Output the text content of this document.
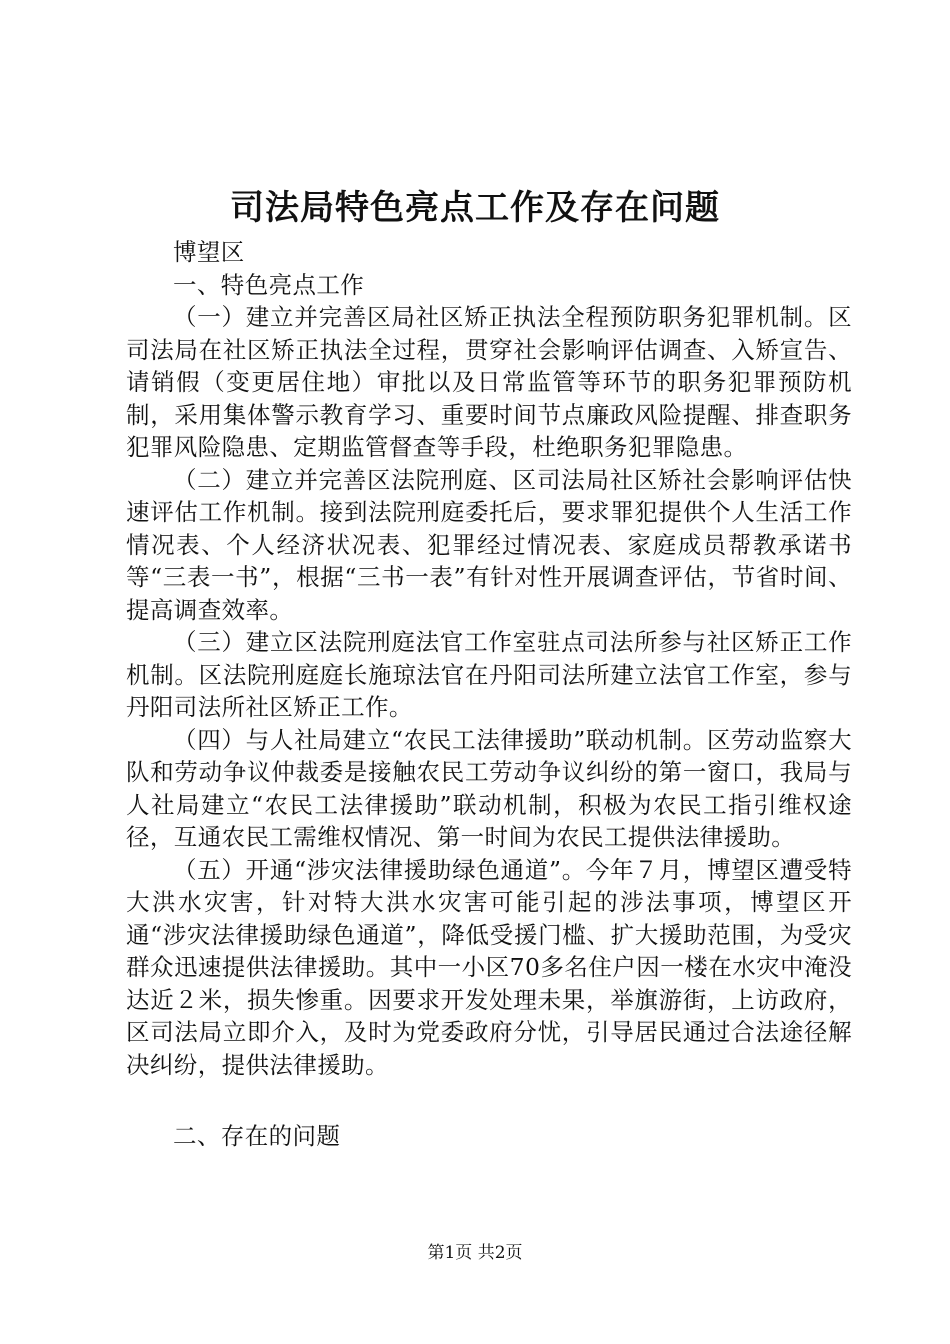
司法局特色亮点工作及存在问题

博望区

一、特色亮点工作

（一）建立并完善区局社区矫正执法全程预防职务犯罪机制。区司法局在社区矫正执法全过程，贯穿社会影响评估调查、入矫宣告、请销假（变更居住地）审批以及日常监管等环节的职务犯罪预防机制，采用集体警示教育学习、重要时间节点廉政风险提醒、排查职务犯罪风险隐患、定期监管督查等手段，杜绝职务犯罪隐患。

（二）建立并完善区法院刑庭、区司法局社区矫社会影响评估快速评估工作机制。接到法院刑庭委托后，要求罪犯提供个人生活工作情况表、个人经济状况表、犯罪经过情况表、家庭成员帮教承诺书等“三表一书”，根据“三书一表”有针对性开展调查评估，节省时间、提高调查效率。

（三）建立区法院刑庭法官工作室驻点司法所参与社区矫正工作机制。区法院刑庭庭长施琼法官在丹阳司法所建立法官工作室，参与丹阳司法所社区矫正工作。

（四）与人社局建立“农民工法律援助”联动机制。区劳动监察大队和劳动争议仲裁委是接触农民工劳动争议纠纷的第一窗口，我局与人社局建立“农民工法律援助”联动机制，积极为农民工指引维权途径，互通农民工需维权情况、第一时间为农民工提供法律援助。

（五）开通“涉灾法律援助绿色通道”。今年７月，博望区遭受特大洪水灾害，针对特大洪水灾害可能引起的涉法事项，博望区开通“涉灾法律援助绿色通道”，降低受援门槛、扩大援助范围，为受灾群众迅速提供法律援助。其中一小区70多名住户因一楼在水灾中淹没达近２米，损失惨重。因要求开发处理未果，举旗游街，上访政府，区司法局立即介入，及时为党委政府分忧，引导居民通过合法途径解决纠纷，提供法律援助。

二、存在的问题

第1页 共2页
